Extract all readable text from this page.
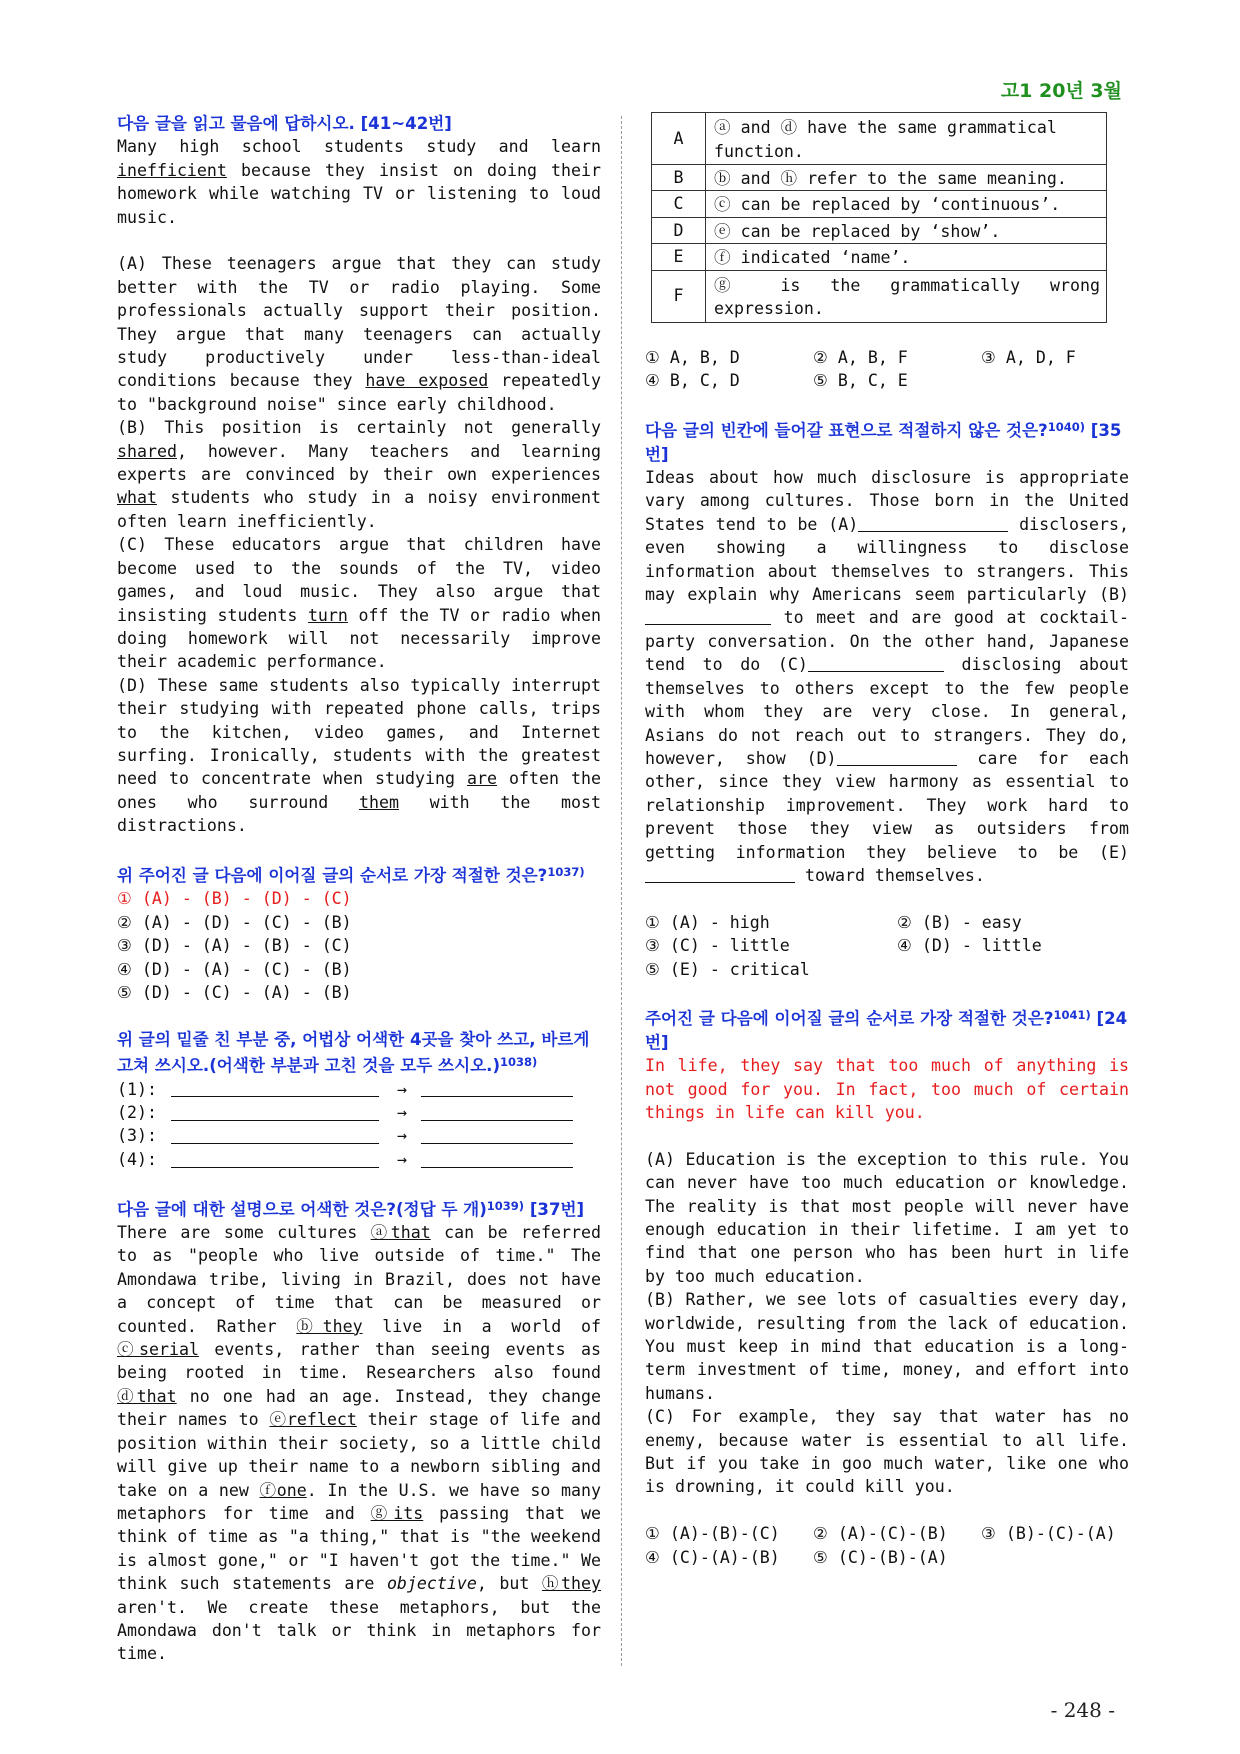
고1 20년 3월
다음 글을 읽고 물음에 답하시오. [41~42번]
Many high school students study and learn inefficient because they insist on doing their homework while watching TV or listening to loud music.
(A) These teenagers argue that they can study better with the TV or radio playing. Some professionals actually support their position. They argue that many teenagers can actually study productively under less-than-ideal conditions because they have exposed repeatedly to "background noise" since early childhood.
(B) This position is certainly not generally shared, however. Many teachers and learning experts are convinced by their own experiences what students who study in a noisy environment often learn inefficiently.
(C) These educators argue that children have become used to the sounds of the TV, video games, and loud music. They also argue that insisting students turn off the TV or radio when doing homework will not necessarily improve their academic performance.
(D) These same students also typically interrupt their studying with repeated phone calls, trips to the kitchen, video games, and Internet surfing. Ironically, students with the greatest need to concentrate when studying are often the ones who surround them with the most distractions.
위 주어진 글 다음에 이어질 글의 순서로 가장 적절한 것은?$^{1037)}$
① (A) - (B) - (D) - (C)
② (A) - (D) - (C) - (B)
③ (D) - (A) - (B) - (C)
④ (D) - (A) - (C) - (B)
⑤ (D) - (C) - (A) - (B)
위 글의 밑줄 친 부분 중, 어법상 어색한 4곳을 찾아 쓰고, 바르게 고쳐 쓰시오.(어색한 부분과 고친 것을 모두 쓰시오.)$^{1038)}$
(1):	→
(2):	→
(3):	→
(4):	→
다음 글에 대한 설명으로 어색한 것은?(정답 두 개)$^{1039)}$ [37번]
There are some cultures ⓐthat can be referred to as "people who live outside of time." The Amondawa tribe, living in Brazil, does not have a concept of time that can be measured or counted. Rather ⓑthey live in a world of ⓒserial events, rather than seeing events as being rooted in time. Researchers also found ⓓthat no one had an age. Instead, they change their names to ⓔreflect their stage of life and position within their society, so a little child will give up their name to a newborn sibling and take on a new ⓕone. In the U.S. we have so many metaphors for time and ⓖits passing that we think of time as "a thing," that is "the weekend is almost gone," or "I haven't got the time." We think such statements are objective, but ⓗthey aren't. We create these metaphors, but the Amondawa don't talk or think in metaphors for time.
A	ⓐ and ⓓ have the same grammatical function.
B	ⓑ and ⓗ refer to the same meaning.
C	ⓒ can be replaced by ‘continuous’.
D	ⓔ can be replaced by ‘show’.
E	ⓕ indicated ‘name’.
F	ⓖ is the grammatically wrong expression.
① A, B, D	② A, B, F	③ A, D, F
④ B, C, D	⑤ B, C, E
다음 글의 빈칸에 들어갈 표현으로 적절하지 않은 것은?$^{1040)}$ [35번]
Ideas about how much disclosure is appropriate vary among cultures. Those born in the United States tend to be (A)	disclosers, even showing a willingness to disclose information about themselves to strangers. This may explain why Americans seem particularly (B) to meet and are good at cocktail-party conversation. On the other hand, Japanese tend to do (C)	disclosing about themselves to others except to the few people with whom they are very close. In general, Asians do not reach out to strangers. They do, however, show (D)	care for each other, since they view harmony as essential to relationship improvement. They work hard to prevent those they view as outsiders from getting information they believe to be (E) toward themselves.
① (A) - high	② (B) - easy
③ (C) - little	④ (D) - little
⑤ (E) - critical
주어진 글 다음에 이어질 글의 순서로 가장 적절한 것은?$^{1041)}$ [24번]
In life, they say that too much of anything is not good for you. In fact, too much of certain things in life can kill you.
(A) Education is the exception to this rule. You can never have too much education or knowledge. The reality is that most people will never have enough education in their lifetime. I am yet to find that one person who has been hurt in life by too much education.
(B) Rather, we see lots of casualties every day, worldwide, resulting from the lack of education. You must keep in mind that education is a long-term investment of time, money, and effort into humans.
(C) For example, they say that water has no enemy, because water is essential to all life. But if you take in goo much water, like one who is drowning, it could kill you.
① (A)-(B)-(C)	② (A)-(C)-(B)	③ (B)-(C)-(A)
④ (C)-(A)-(B)	⑤ (C)-(B)-(A)
- 248 -
